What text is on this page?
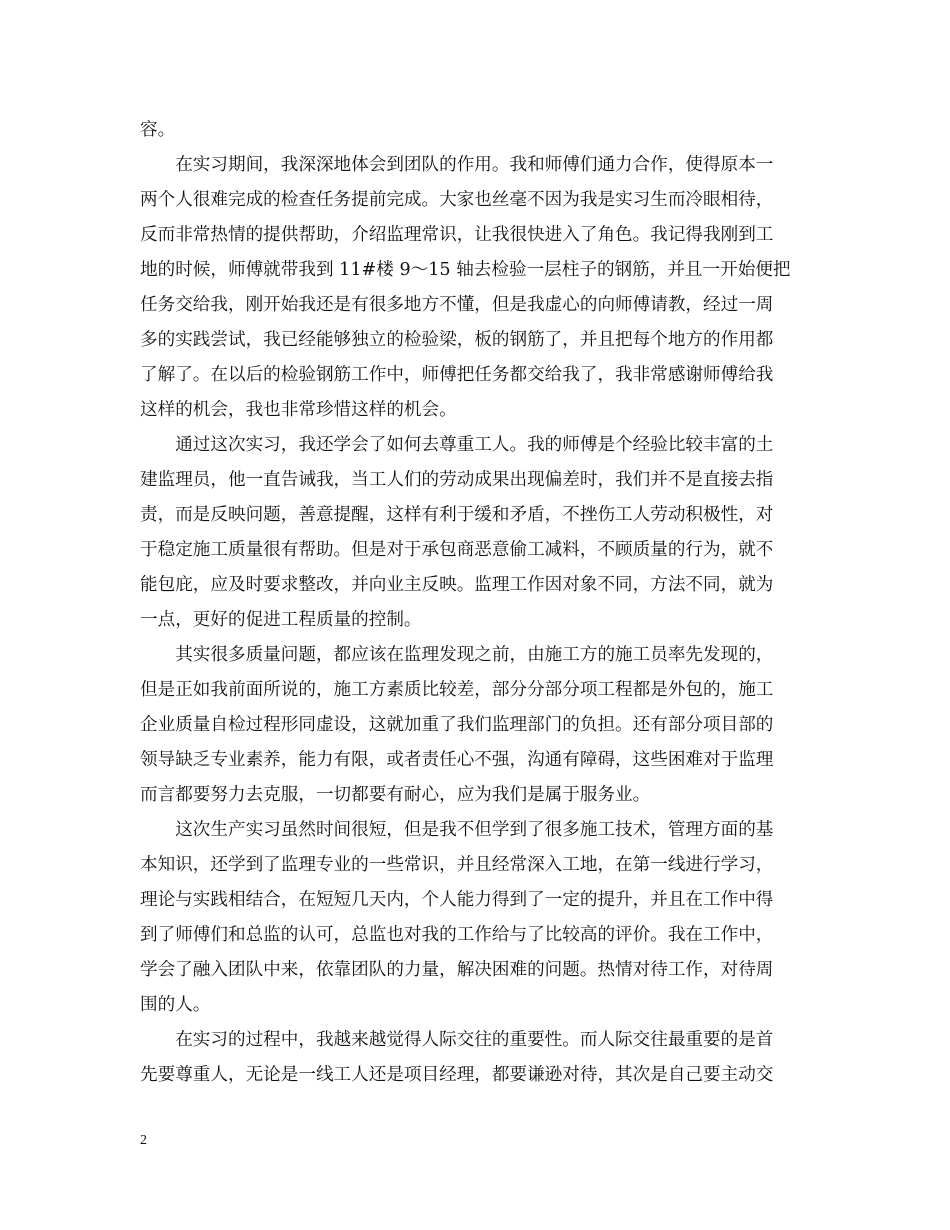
容。

在实习期间，我深深地体会到团队的作用。我和师傅们通力合作，使得原本一
两个人很难完成的检查任务提前完成。大家也丝毫不因为我是实习生而冷眼相待，
反而非常热情的提供帮助，介绍监理常识，让我很快进入了角色。我记得我刚到工
地的时候，师傅就带我到 11#楼 9～15 轴去检验一层柱子的钢筋，并且一开始便把
任务交给我，刚开始我还是有很多地方不懂，但是我虚心的向师傅请教，经过一周
多的实践尝试，我已经能够独立的检验梁，板的钢筋了，并且把每个地方的作用都
了解了。在以后的检验钢筋工作中，师傅把任务都交给我了，我非常感谢师傅给我
这样的机会，我也非常珍惜这样的机会。

通过这次实习，我还学会了如何去尊重工人。我的师傅是个经验比较丰富的土
建监理员，他一直告诫我，当工人们的劳动成果出现偏差时，我们并不是直接去指
责，而是反映问题，善意提醒，这样有利于缓和矛盾，不挫伤工人劳动积极性，对
于稳定施工质量很有帮助。但是对于承包商恶意偷工减料，不顾质量的行为，就不
能包庇，应及时要求整改，并向业主反映。监理工作因对象不同，方法不同，就为
一点，更好的促进工程质量的控制。

其实很多质量问题，都应该在监理发现之前，由施工方的施工员率先发现的，
但是正如我前面所说的，施工方素质比较差，部分分部分项工程都是外包的，施工
企业质量自检过程形同虚设，这就加重了我们监理部门的负担。还有部分项目部的
领导缺乏专业素养，能力有限，或者责任心不强，沟通有障碍，这些困难对于监理
而言都要努力去克服，一切都要有耐心，应为我们是属于服务业。

这次生产实习虽然时间很短，但是我不但学到了很多施工技术，管理方面的基
本知识，还学到了监理专业的一些常识，并且经常深入工地，在第一线进行学习，
理论与实践相结合，在短短几天内，个人能力得到了一定的提升，并且在工作中得
到了师傅们和总监的认可，总监也对我的工作给与了比较高的评价。我在工作中，
学会了融入团队中来，依靠团队的力量，解决困难的问题。热情对待工作，对待周
围的人。

在实习的过程中，我越来越觉得人际交往的重要性。而人际交往最重要的是首
先要尊重人，无论是一线工人还是项目经理，都要谦逊对待，其次是自己要主动交

2
